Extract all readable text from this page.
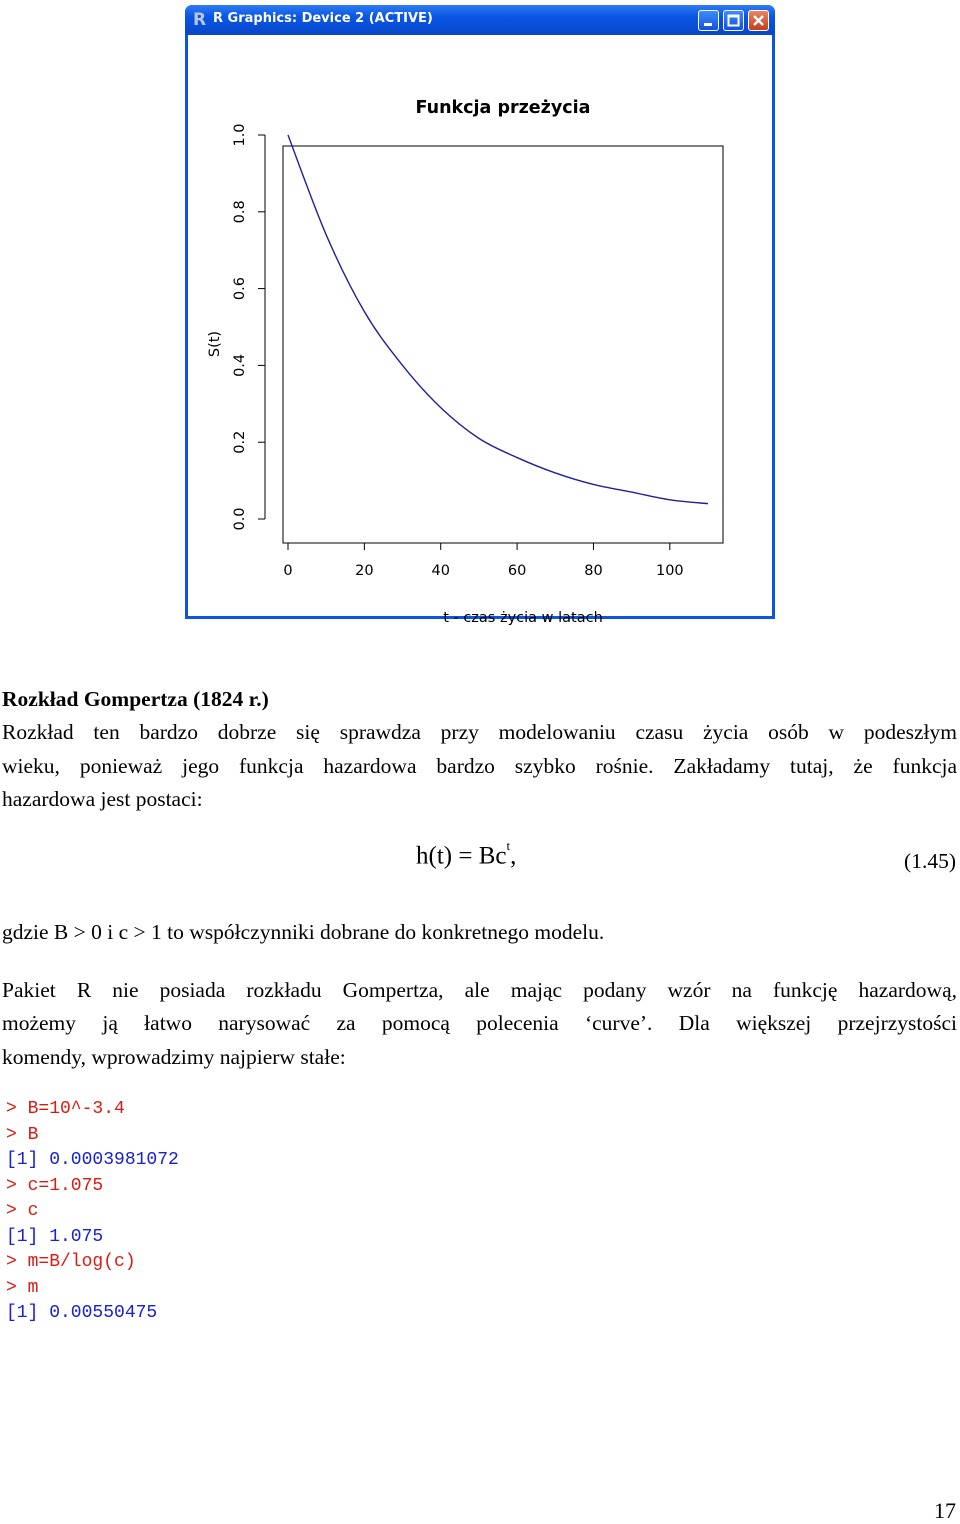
R R Graphics: Device 2 (ACTIVE)
Funkcja przeżycia
0	20	40	60	80	100
0.0
0.2
0.4
0.6
0.8
1.0
t - czas życia w latach
S(t)
Rozkład Gompertza (1824 r.)
Rozkład ten bardzo dobrze się sprawdza przy modelowaniu czasu życia osób w podeszłym
wieku, ponieważ jego funkcja hazardowa bardzo szybko rośnie. Zakładamy tutaj, że funkcja
hazardowa jest postaci:
$h(t) = Bc^t$,	(1.45)
gdzie B > 0 i c > 1 to współczynniki dobrane do konkretnego modelu.
Pakiet R nie posiada rozkładu Gompertza, ale mając podany wzór na funkcję hazardową,
możemy ją łatwo narysować za pomocą polecenia ‘curve’. Dla większej przejrzystości
komendy, wprowadzimy najpierw stałe:
> B=10^-3.4
> B
[1] 0.0003981072
> c=1.075
> c
[1] 1.075
> m=B/log(c)
> m
[1] 0.00550475
17
